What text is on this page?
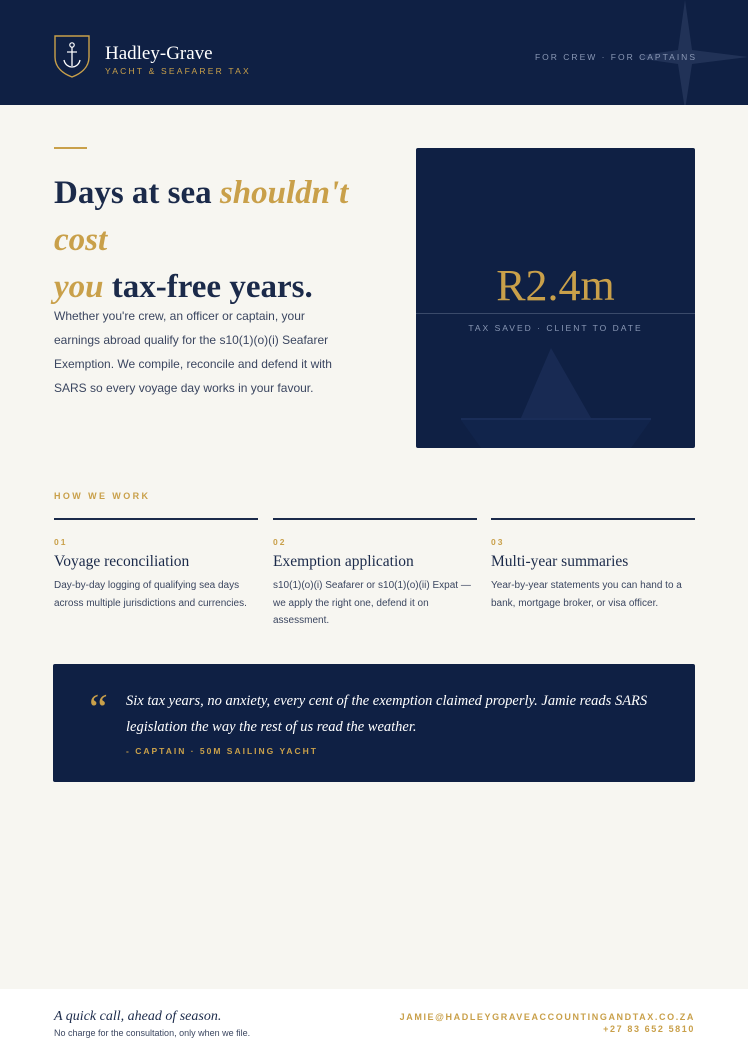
Hadley-Grave
YACHT & SEAFARER TAX
FOR CREW · FOR CAPTAINS
Days at sea shouldn't cost
you tax-free years.

Whether you're crew, an officer or captain, your earnings abroad qualify for the s10(1)(o)(i) Seafarer Exemption. We compile, reconcile and defend it with SARS so every voyage day works in your favour.

R2.4m
TAX SAVED · CLIENT TO DATE
HOW WE WORK
01
Voyage reconciliation
Day-by-day logging of qualifying sea days across multiple jurisdictions and currencies.
02
Exemption application
s10(1)(o)(i) Seafarer or s10(1)(o)(ii) Expat — we apply the right one, defend it on assessment.
03
Multi-year summaries
Year-by-year statements you can hand to a bank, mortgage broker, or visa officer.
“ Six tax years, no anxiety, every cent of the exemption claimed properly. Jamie reads SARS legislation the way the rest of us read the weather.
- CAPTAIN · 50M SAILING YACHT
A quick call, ahead of season.
No charge for the consultation, only when we file.
JAMIE@HADLEYGRAVEACCOUNTINGANDTAX.CO.ZA
+27 83 652 5810
